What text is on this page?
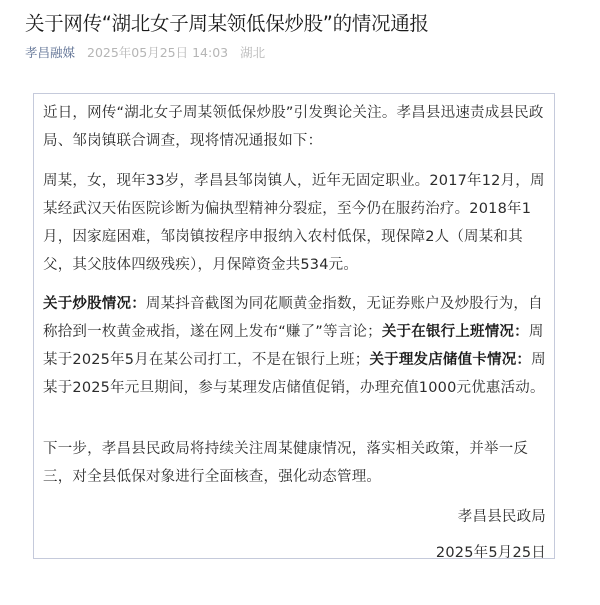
关于网传“湖北女子周某领低保炒股”的情况通报
孝昌融媒 2025年05月25日 14:03 湖北
近日，网传“湖北女子周某领低保炒股”引发舆论关注。孝昌县迅速责成县民政局、邹岗镇联合调查，现将情况通报如下：
周某，女，现年33岁，孝昌县邹岗镇人，近年无固定职业。2017年12月，周某经武汉天佑医院诊断为偏执型精神分裂症，至今仍在服药治疗。2018年1月，因家庭困难，邹岗镇按程序申报纳入农村低保，现保障2人（周某和其父，其父肢体四级残疾），月保障资金共534元。
关于炒股情况：周某抖音截图为同花顺黄金指数，无证券账户及炒股行为，自称拾到一枚黄金戒指，遂在网上发布“赚了”等言论；关于在银行上班情况：周某于2025年5月在某公司打工，不是在银行上班；关于理发店储值卡情况：周某于2025年元旦期间，参与某理发店储值促销，办理充值1000元优惠活动。
下一步，孝昌县民政局将持续关注周某健康情况，落实相关政策，并举一反三，对全县低保对象进行全面核查，强化动态管理。
孝昌县民政局
2025年5月25日
